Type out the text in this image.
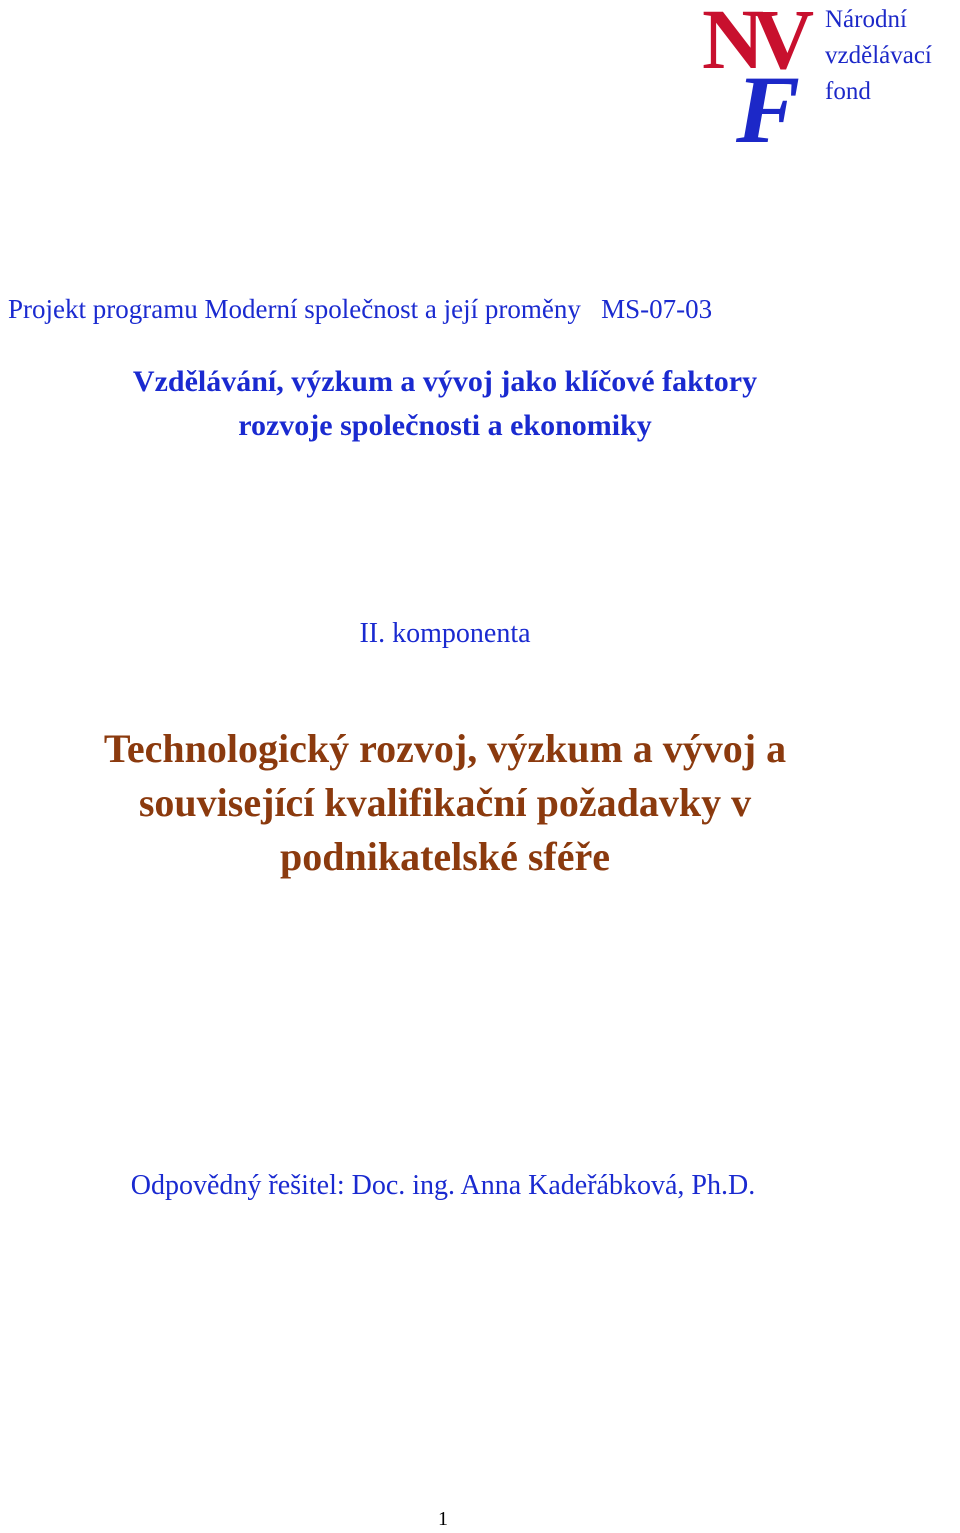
N
V
F
Národní
vzdělávací
fond
Projekt programu Moderní společnost a její proměny   MS-07-03
Vzdělávání, výzkum a vývoj jako klíčové faktory
rozvoje společnosti a ekonomiky
II. komponenta
Technologický rozvoj, výzkum a vývoj a
související kvalifikační požadavky v
podnikatelské sféře
Odpovědný řešitel: Doc. ing. Anna Kadeřábková, Ph.D.
1
